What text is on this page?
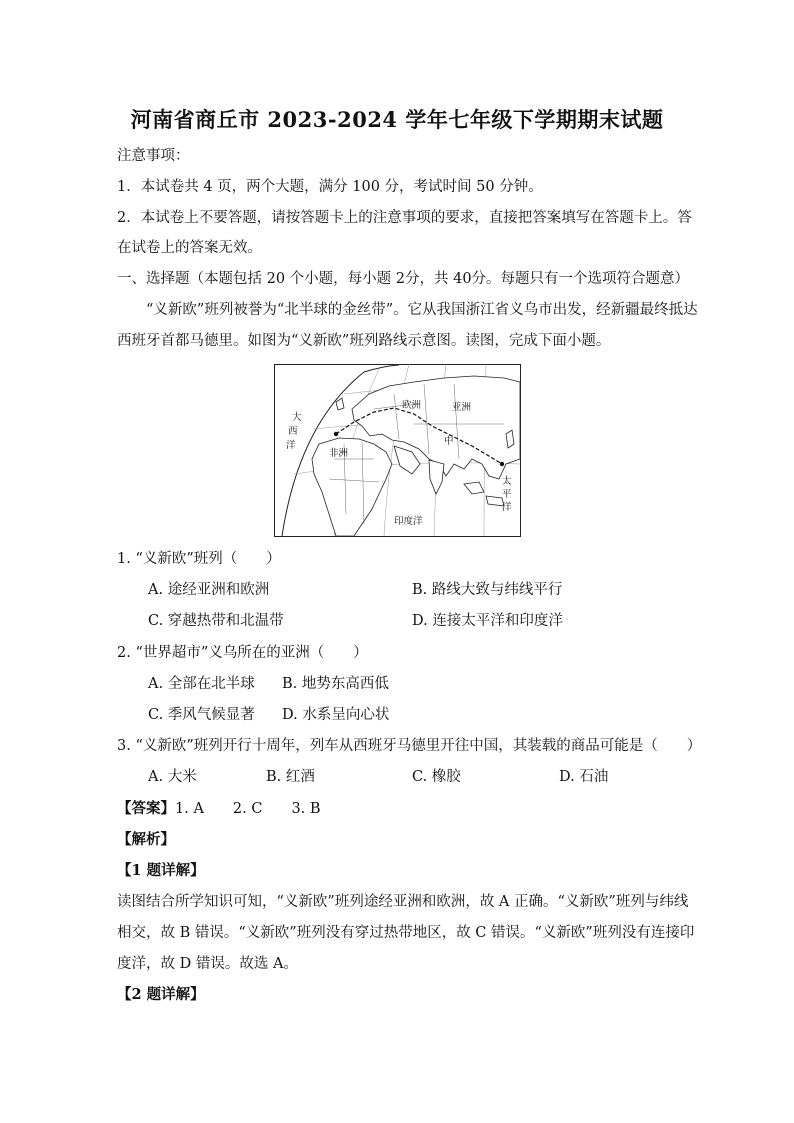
河南省商丘市 2023-2024 学年七年级下学期期末试题
注意事项：
1．本试卷共 4 页，两个大题，满分 100 分，考试时间 50 分钟。
2．本试卷上不要答题，请按答题卡上的注意事项的要求，直接把答案填写在答题卡上。答
在试卷上的答案无效。
一、选择题（本题包括 20 个小题，每小题 2分，共 40分。每题只有一个选项符合题意）
“义新欧”班列被誉为“北半球的金丝带”。它从我国浙江省义乌市出发，经新疆最终抵达
西班牙首都马德里。如图为“义新欧”班列路线示意图。读图，完成下面小题。
欧洲	亚洲
非洲
大
西
洋
印度洋
太
平
洋
中
1. “义新欧”班列（　　）
A. 途经亚洲和欧洲	B. 路线大致与纬线平行
C. 穿越热带和北温带	D. 连接太平洋和印度洋
2. “世界超市”义乌所在的亚洲（　　）
A. 全部在北半球 B. 地势东高西低
C. 季风气候显著 D. 水系呈向心状
3. “义新欧”班列开行十周年，列车从西班牙马德里开往中国，其装载的商品可能是（　　）
A. 大米	B. 红酒	C. 橡胶	D. 石油
【答案】1. A　　2. C　　3. B
【解析】
【1 题详解】
读图结合所学知识可知，“义新欧”班列途经亚洲和欧洲，故 A 正确。“义新欧”班列与纬线
相交，故 B 错误。“义新欧”班列没有穿过热带地区，故 C 错误。“义新欧”班列没有连接印
度洋，故 D 错误。故选 A。
【2 题详解】
